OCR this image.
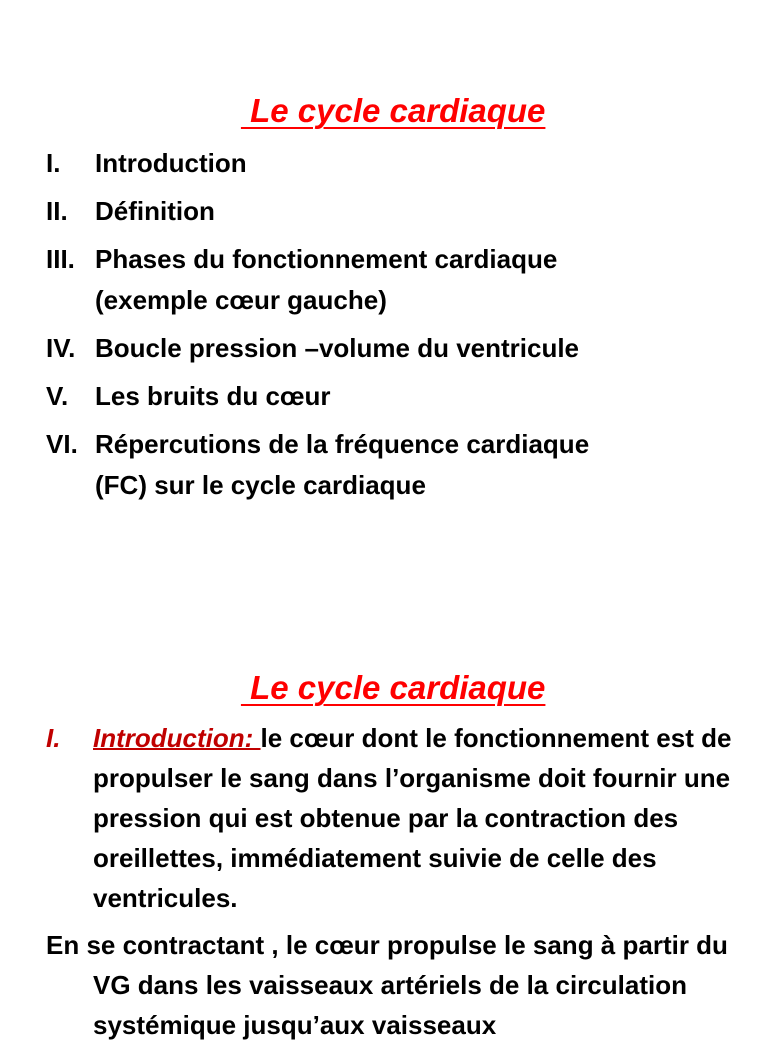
Le cycle cardiaque

I. Introduction
II. Définition
III. Phases du fonctionnement cardiaque
(exemple cœur gauche)
IV. Boucle pression –volume du ventricule
V. Les bruits du cœur
VI. Répercutions de la fréquence cardiaque
(FC) sur le cycle cardiaque

Le cycle cardiaque

I. Introduction: le cœur dont le fonctionnement est de propulser le sang dans l’organisme doit fournir une pression qui est obtenue par la contraction des oreillettes, immédiatement suivie de celle des ventricules.
En se contractant , le cœur propulse le sang à partir du VG dans les vaisseaux artériels de la circulation systémique jusqu’aux vaisseaux
